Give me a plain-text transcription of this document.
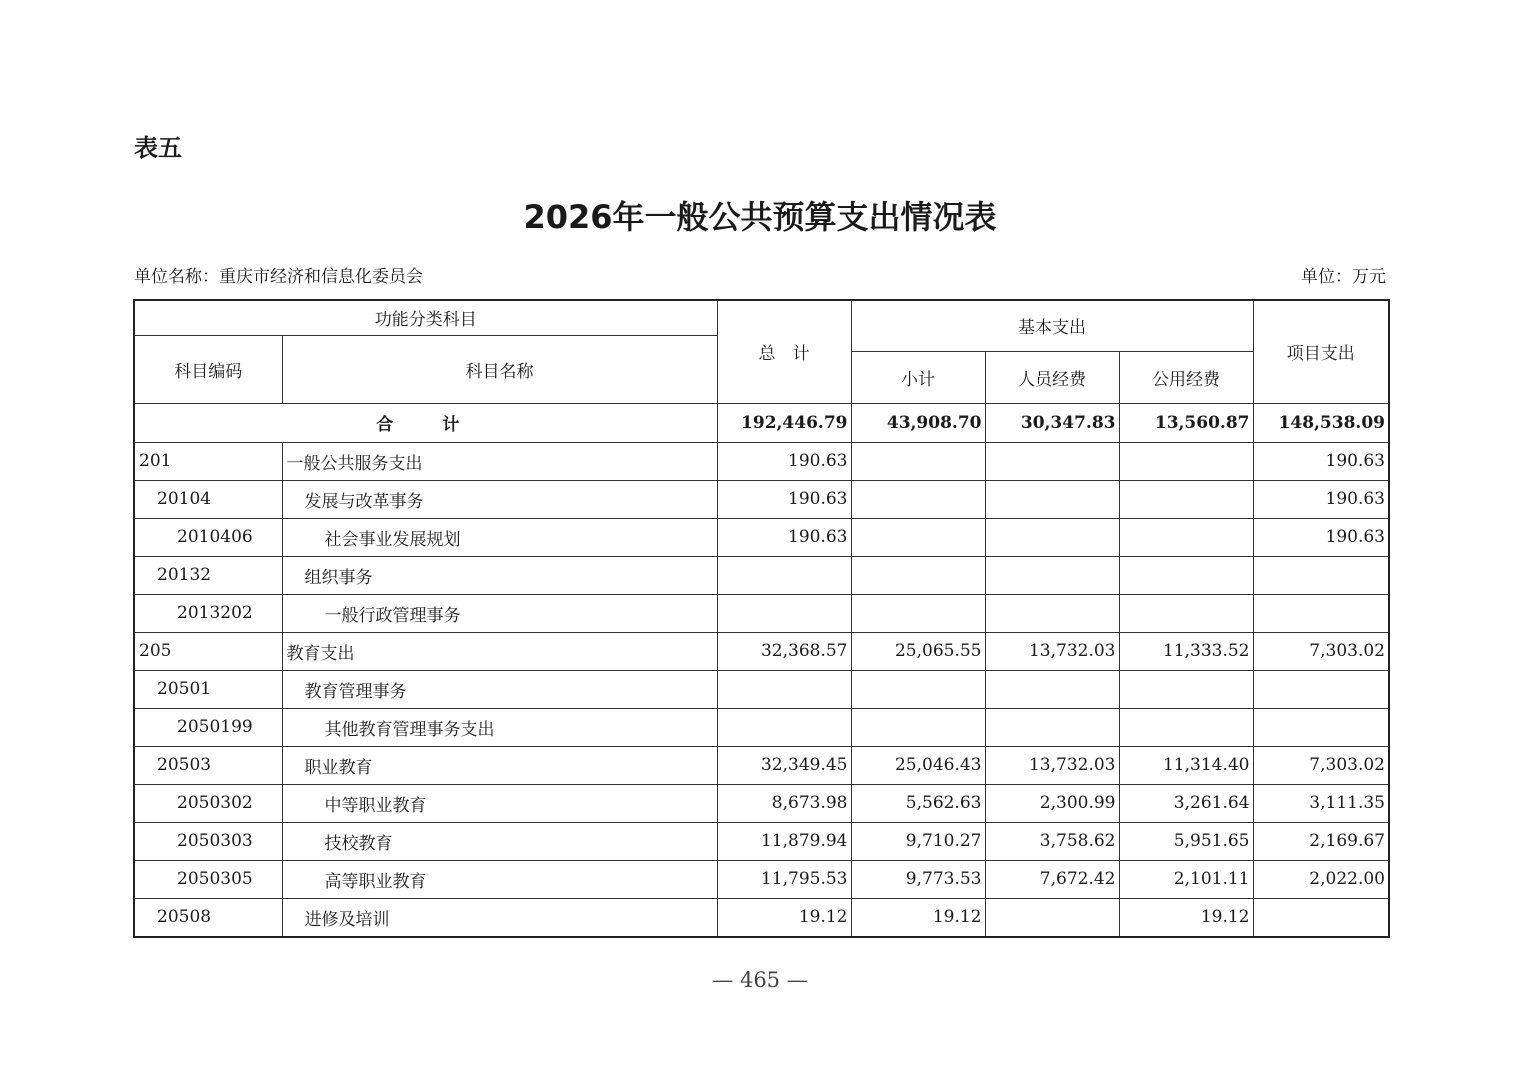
表五
2026年一般公共预算支出情况表
单位名称：重庆市经济和信息化委员会	单位：万元
功能分类科目		总　计	基本支出			项目支出
科目编码	科目名称					
			小计	人员经费	公用经费	
合　计		192,446.79	43,908.70	30,347.83	13,560.87	148,538.09
201	一般公共服务支出	190.63				190.63
20104	发展与改革事务	190.63				190.63
2010406	社会事业发展规划	190.63				190.63
20132	组织事务					
2013202	一般行政管理事务					
205	教育支出	32,368.57	25,065.55	13,732.03	11,333.52	7,303.02
20501	教育管理事务					
2050199	其他教育管理事务支出					
20503	职业教育	32,349.45	25,046.43	13,732.03	11,314.40	7,303.02
2050302	中等职业教育	8,673.98	5,562.63	2,300.99	3,261.64	3,111.35
2050303	技校教育	11,879.94	9,710.27	3,758.62	5,951.65	2,169.67
2050305	高等职业教育	11,795.53	9,773.53	7,672.42	2,101.11	2,022.00
20508	进修及培训	19.12	19.12		19.12	
— 465 —
